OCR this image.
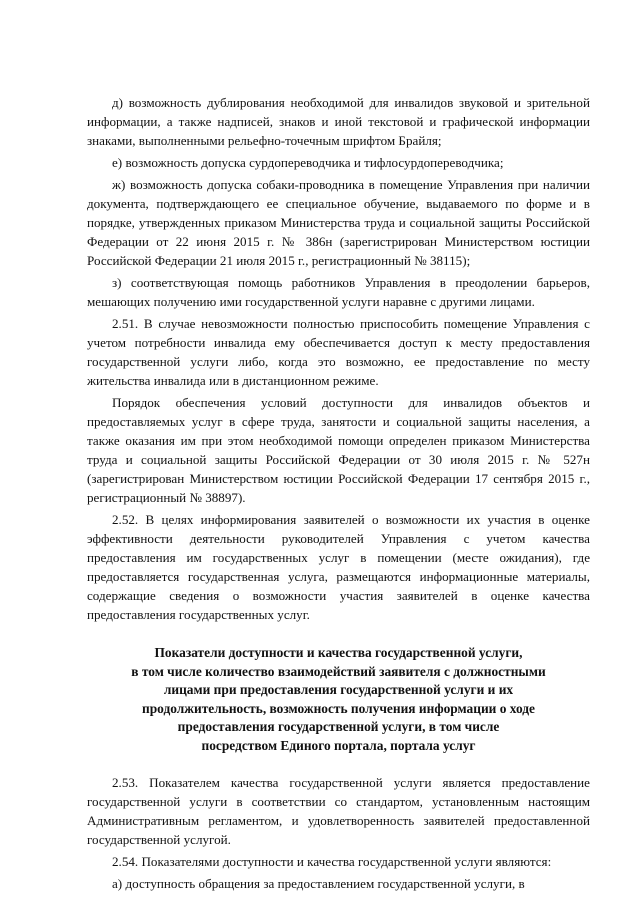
д) возможность дублирования необходимой для инвалидов звуковой и зрительной информации, а также надписей, знаков и иной текстовой и графической информации знаками, выполненными рельефно-точечным шрифтом Брайля;

е) возможность допуска сурдопереводчика и тифлосурдопереводчика;

ж) возможность допуска собаки-проводника в помещение Управления при наличии документа, подтверждающего ее специальное обучение, выдаваемого по форме и в порядке, утвержденных приказом Министерства труда и социальной защиты Российской Федерации от 22 июня 2015 г. № 386н (зарегистрирован Министерством юстиции Российской Федерации 21 июля 2015 г., регистрационный № 38115);

з) соответствующая помощь работников Управления в преодолении барьеров, мешающих получению ими государственной услуги наравне с другими лицами.

2.51. В случае невозможности полностью приспособить помещение Управления с учетом потребности инвалида ему обеспечивается доступ к месту предоставления государственной услуги либо, когда это возможно, ее предоставление по месту жительства инвалида или в дистанционном режиме.

Порядок обеспечения условий доступности для инвалидов объектов и предоставляемых услуг в сфере труда, занятости и социальной защиты населения, а также оказания им при этом необходимой помощи определен приказом Министерства труда и социальной защиты Российской Федерации от 30 июля 2015 г. № 527н (зарегистрирован Министерством юстиции Российской Федерации 17 сентября 2015 г., регистрационный № 38897).

2.52. В целях информирования заявителей о возможности их участия в оценке эффективности деятельности руководителей Управления с учетом качества предоставления им государственных услуг в помещении (месте ожидания), где предоставляется государственная услуга, размещаются информационные материалы, содержащие сведения о возможности участия заявителей в оценке качества предоставления государственных услуг.

Показатели доступности и качества государственной услуги,
в том числе количество взаимодействий заявителя с должностными
лицами при предоставления государственной услуги и их
продолжительность, возможность получения информации о ходе
предоставления государственной услуги, в том числе
посредством Единого портала, портала услуг

2.53. Показателем качества государственной услуги является предоставление государственной услуги в соответствии со стандартом, установленным настоящим Административным регламентом, и удовлетворенность заявителей предоставленной государственной услугой.

2.54. Показателями доступности и качества государственной услуги являются:

а) доступность обращения за предоставлением государственной услуги, в
